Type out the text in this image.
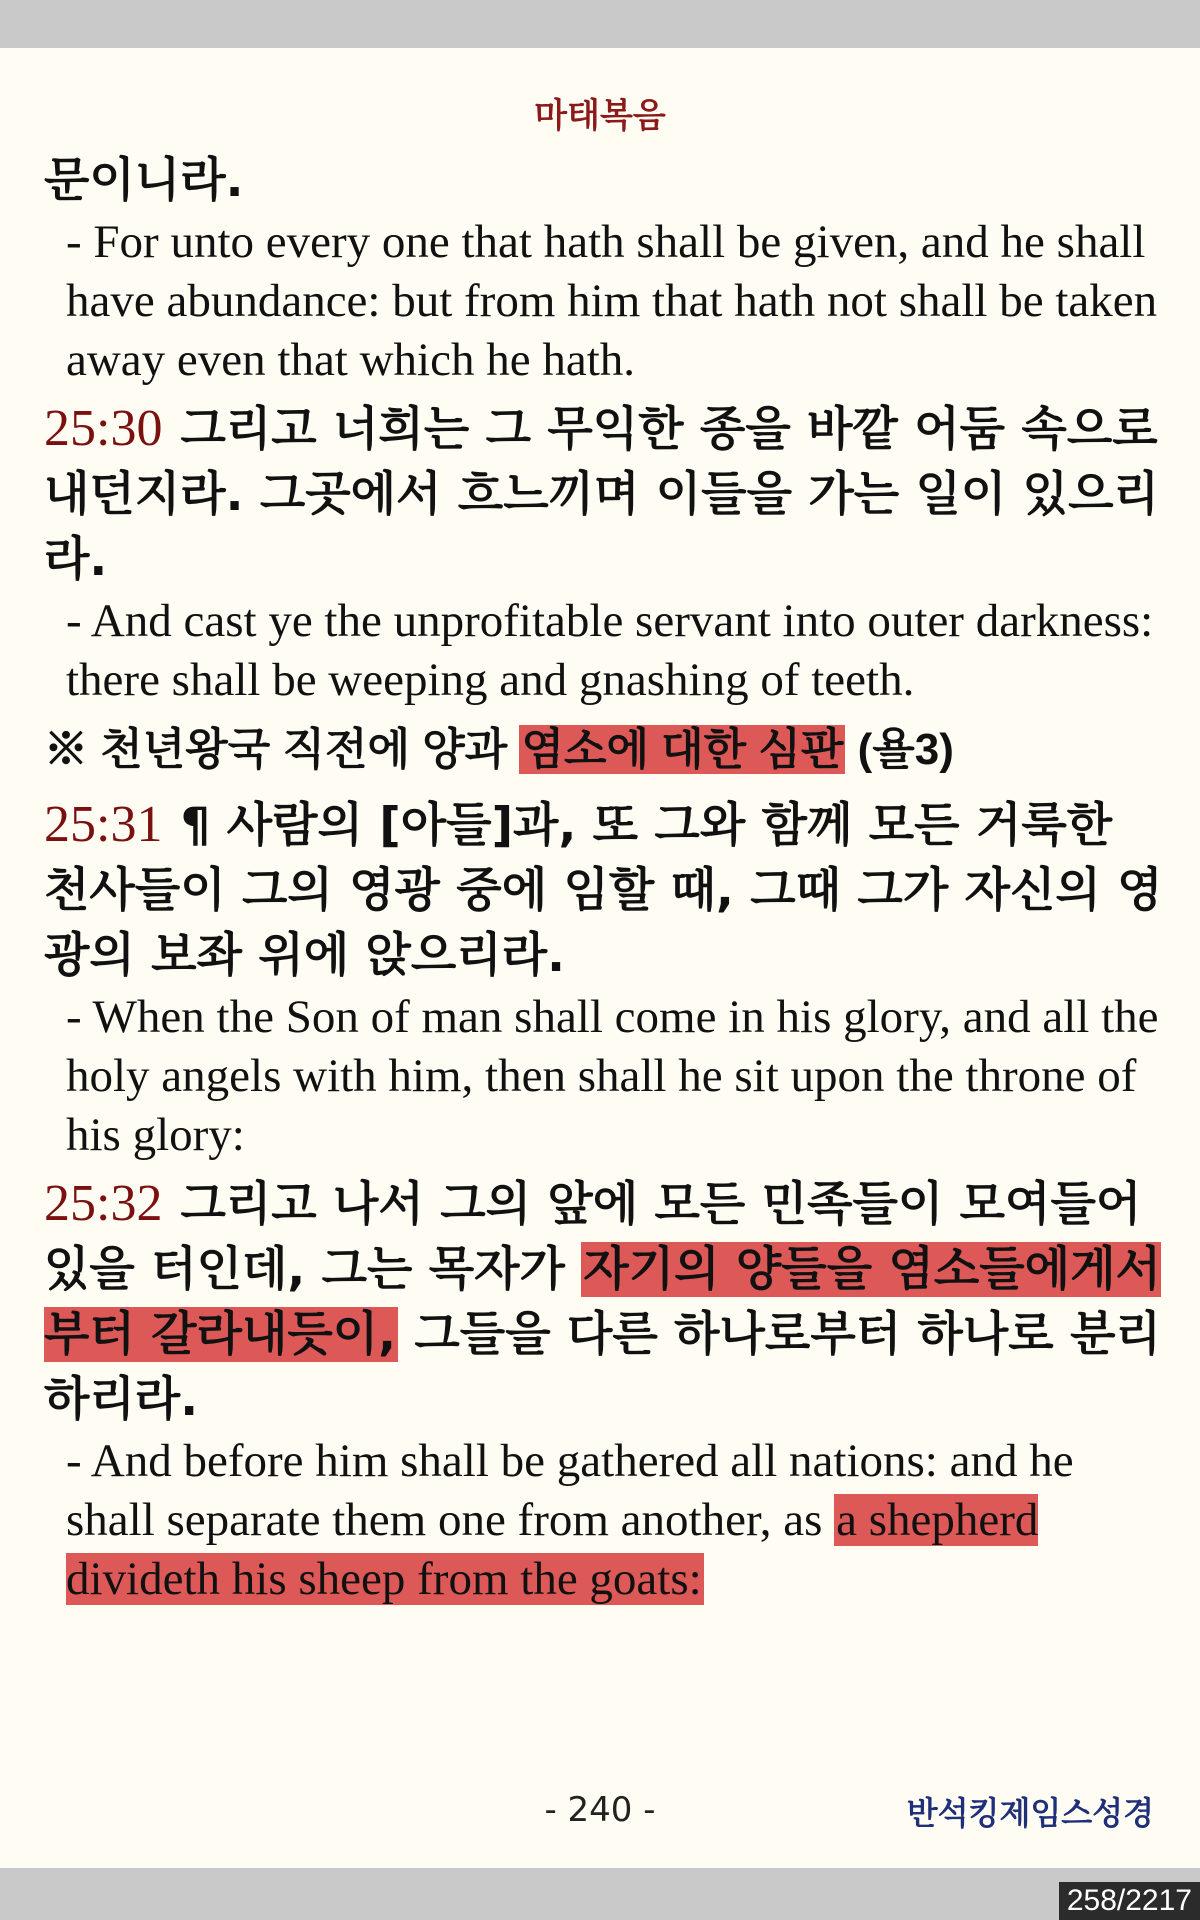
마태복음

문이니라.

- For unto every one that hath shall be given, and he shall have abundance: but from him that hath not shall be taken away even that which he hath.

25:30 그리고 너희는 그 무익한 종을 바깥 어둠 속으로 내던지라. 그곳에서 흐느끼며 이들을 가는 일이 있으리라.

- And cast ye the unprofitable servant into outer darkness: there shall be weeping and gnashing of teeth.

※ 천년왕국 직전에 양과 염소에 대한 심판 (욜3)

25:31 ¶ 사람의 [아들]과, 또 그와 함께 모든 거룩한 천사들이 그의 영광 중에 임할 때, 그때 그가 자신의 영광의 보좌 위에 앉으리라.

- When the Son of man shall come in his glory, and all the holy angels with him, then shall he sit upon the throne of his glory:

25:32 그리고 나서 그의 앞에 모든 민족들이 모여들어 있을 터인데, 그는 목자가 자기의 양들을 염소들에게서부터 갈라내듯이, 그들을 다른 하나로부터 하나로 분리하리라.

- And before him shall be gathered all nations: and he shall separate them one from another, as a shepherd divideth his sheep from the goats:

- 240 -	반석킹제임스성경
258/2217
